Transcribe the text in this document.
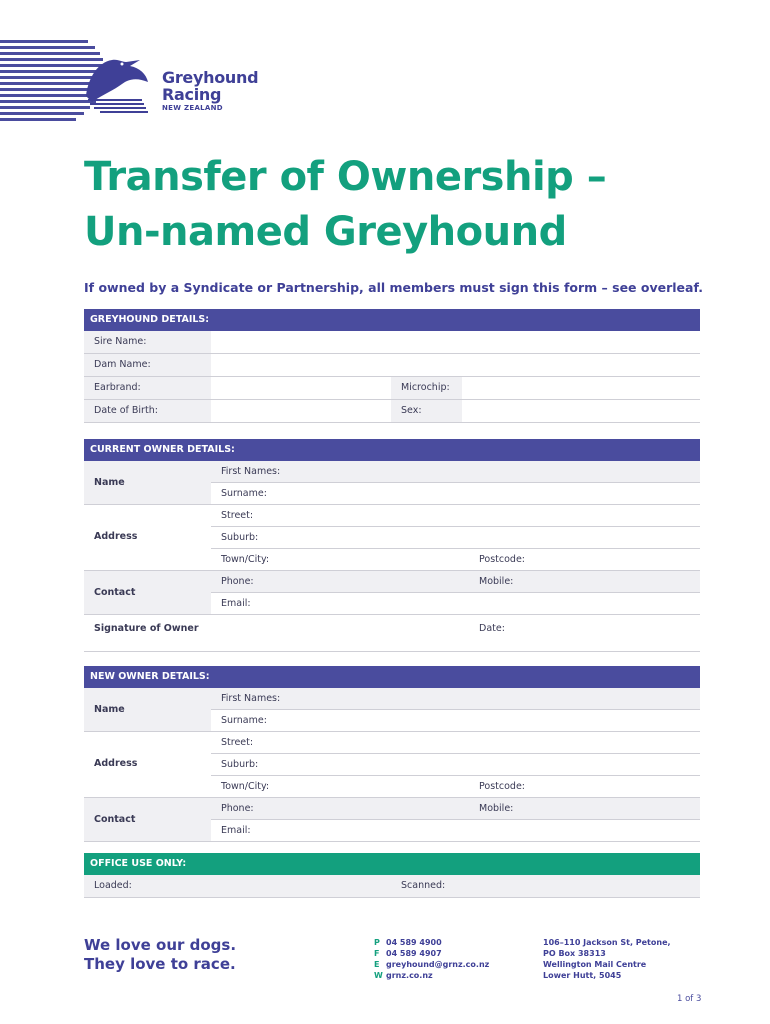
Greyhound
Racing
NEW ZEALAND
Transfer of Ownership –
Un-named Greyhound
If owned by a Syndicate or Partnership, all members must sign this form – see overleaf.
GREYHOUND DETAILS:
Sire Name:
Dam Name:
Earbrand:	Microchip:
Date of Birth:	Sex:
CURRENT OWNER DETAILS:
Name
First Names:
Surname:
Address
Street:
Suburb:
Town/City:	Postcode:
Contact
Phone:	Mobile:
Email:
Signature of Owner	Date:
NEW OWNER DETAILS:
Name
First Names:
Surname:
Address
Street:
Suburb:
Town/City:	Postcode:
Contact
Phone:	Mobile:
Email:
OFFICE USE ONLY:
Loaded:	Scanned:
We love our dogs.
They love to race.
P 04 589 4900
F 04 589 4907
E greyhound@grnz.co.nz
W grnz.co.nz
106–110 Jackson St, Petone,
PO Box 38313
Wellington Mail Centre
Lower Hutt, 5045
1 of 3
